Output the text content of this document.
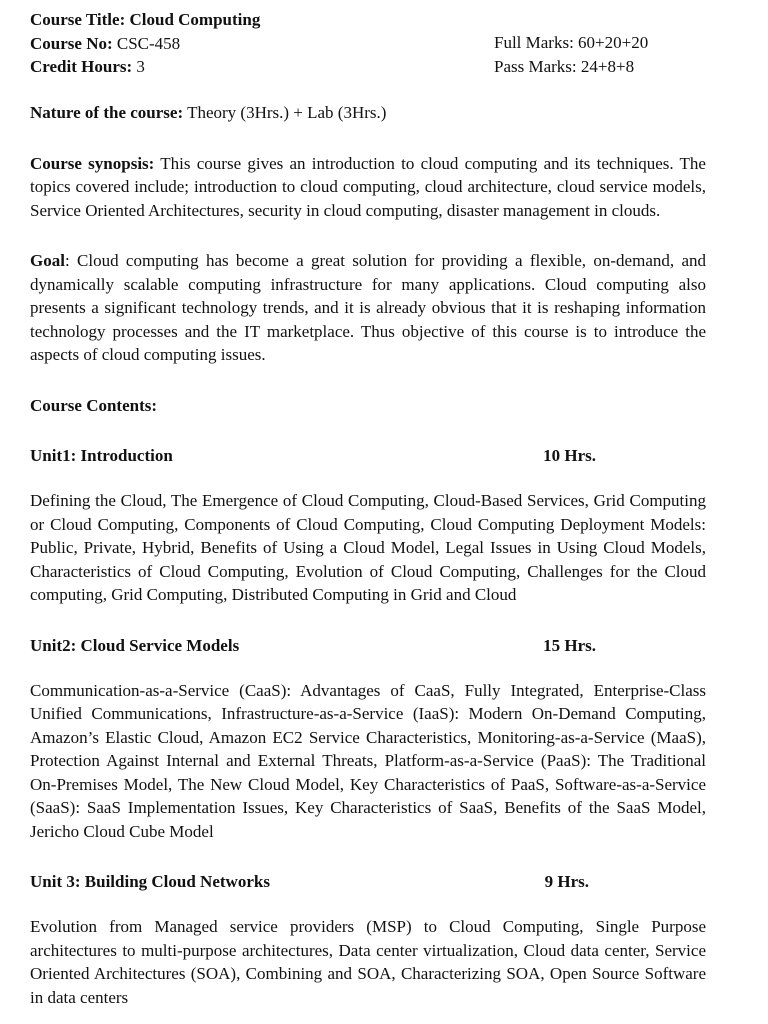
Course Title: Cloud Computing
Course No: CSC-458
Credit Hours: 3
Full Marks: 60+20+20
Pass Marks: 24+8+8

Nature of the course: Theory (3Hrs.) + Lab (3Hrs.)

Course synopsis: This course gives an introduction to cloud computing and its techniques. The topics covered include; introduction to cloud computing, cloud architecture, cloud service models, Service Oriented Architectures, security in cloud computing, disaster management in clouds.

Goal: Cloud computing has become a great solution for providing a flexible, on-demand, and dynamically scalable computing infrastructure for many applications. Cloud computing also presents a significant technology trends, and it is already obvious that it is reshaping information technology processes and the IT marketplace. Thus objective of this course is to introduce the aspects of cloud computing issues.

Course Contents:

Unit1: Introduction	10 Hrs.

Defining the Cloud, The Emergence of Cloud Computing, Cloud-Based Services, Grid Computing or Cloud Computing, Components of Cloud Computing, Cloud Computing Deployment Models: Public, Private, Hybrid, Benefits of Using a Cloud Model, Legal Issues in Using Cloud Models, Characteristics of Cloud Computing, Evolution of Cloud Computing, Challenges for the Cloud computing, Grid Computing, Distributed Computing in Grid and Cloud

Unit2: Cloud Service Models	15 Hrs.

Communication-as-a-Service (CaaS): Advantages of CaaS, Fully Integrated, Enterprise-Class Unified Communications, Infrastructure-as-a-Service (IaaS): Modern On-Demand Computing, Amazon’s Elastic Cloud, Amazon EC2 Service Characteristics, Monitoring-as-a-Service (MaaS), Protection Against Internal and External Threats, Platform-as-a-Service (PaaS): The Traditional On-Premises Model, The New Cloud Model, Key Characteristics of PaaS, Software-as-a-Service (SaaS): SaaS Implementation Issues, Key Characteristics of SaaS, Benefits of the SaaS Model, Jericho Cloud Cube Model

Unit 3: Building Cloud Networks	9 Hrs.

Evolution from Managed service providers (MSP) to Cloud Computing, Single Purpose architectures to multi-purpose architectures, Data center virtualization, Cloud data center, Service Oriented Architectures (SOA), Combining and SOA, Characterizing SOA, Open Source Software in data centers
